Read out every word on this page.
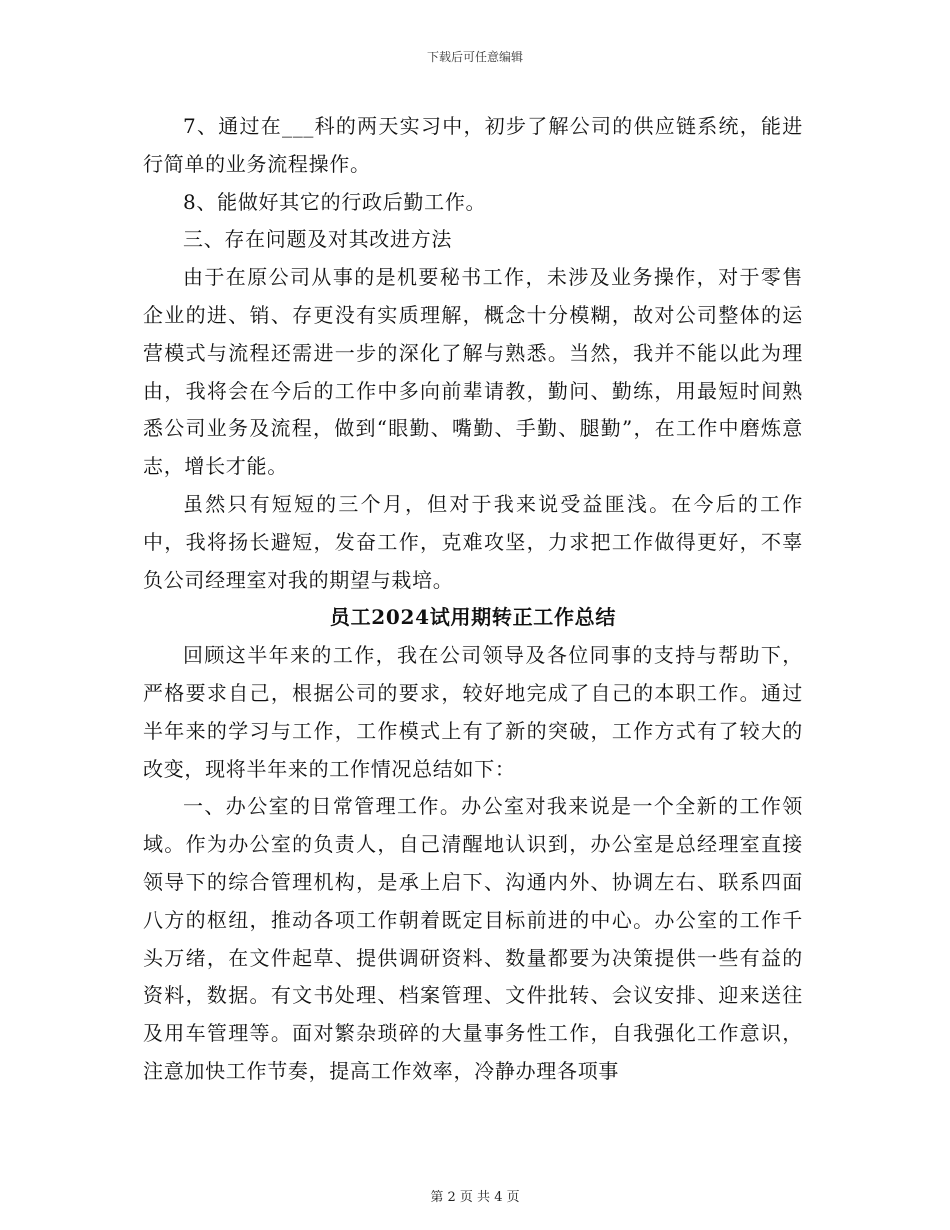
下载后可任意编辑

7、通过在___科的两天实习中，初步了解公司的供应链系统，能进行简单的业务流程操作。

8、能做好其它的行政后勤工作。

三、存在问题及对其改进方法

由于在原公司从事的是机要秘书工作，未涉及业务操作，对于零售企业的进、销、存更没有实质理解，概念十分模糊，故对公司整体的运营模式与流程还需进一步的深化了解与熟悉。当然，我并不能以此为理由，我将会在今后的工作中多向前辈请教，勤问、勤练，用最短时间熟悉公司业务及流程，做到“眼勤、嘴勤、手勤、腿勤”，在工作中磨炼意志，增长才能。

虽然只有短短的三个月，但对于我来说受益匪浅。在今后的工作中，我将扬长避短，发奋工作，克难攻坚，力求把工作做得更好，不辜负公司经理室对我的期望与栽培。

员工2024试用期转正工作总结

回顾这半年来的工作，我在公司领导及各位同事的支持与帮助下，严格要求自己，根据公司的要求，较好地完成了自己的本职工作。通过半年来的学习与工作，工作模式上有了新的突破，工作方式有了较大的改变，现将半年来的工作情况总结如下：

一、办公室的日常管理工作。办公室对我来说是一个全新的工作领域。作为办公室的负责人，自己清醒地认识到，办公室是总经理室直接领导下的综合管理机构，是承上启下、沟通内外、协调左右、联系四面八方的枢纽，推动各项工作朝着既定目标前进的中心。办公室的工作千头万绪，在文件起草、提供调研资料、数量都要为决策提供一些有益的资料，数据。有文书处理、档案管理、文件批转、会议安排、迎来送往及用车管理等。面对繁杂琐碎的大量事务性工作，自我强化工作意识，注意加快工作节奏，提高工作效率，冷静办理各项事

第 2 页 共 4 页
